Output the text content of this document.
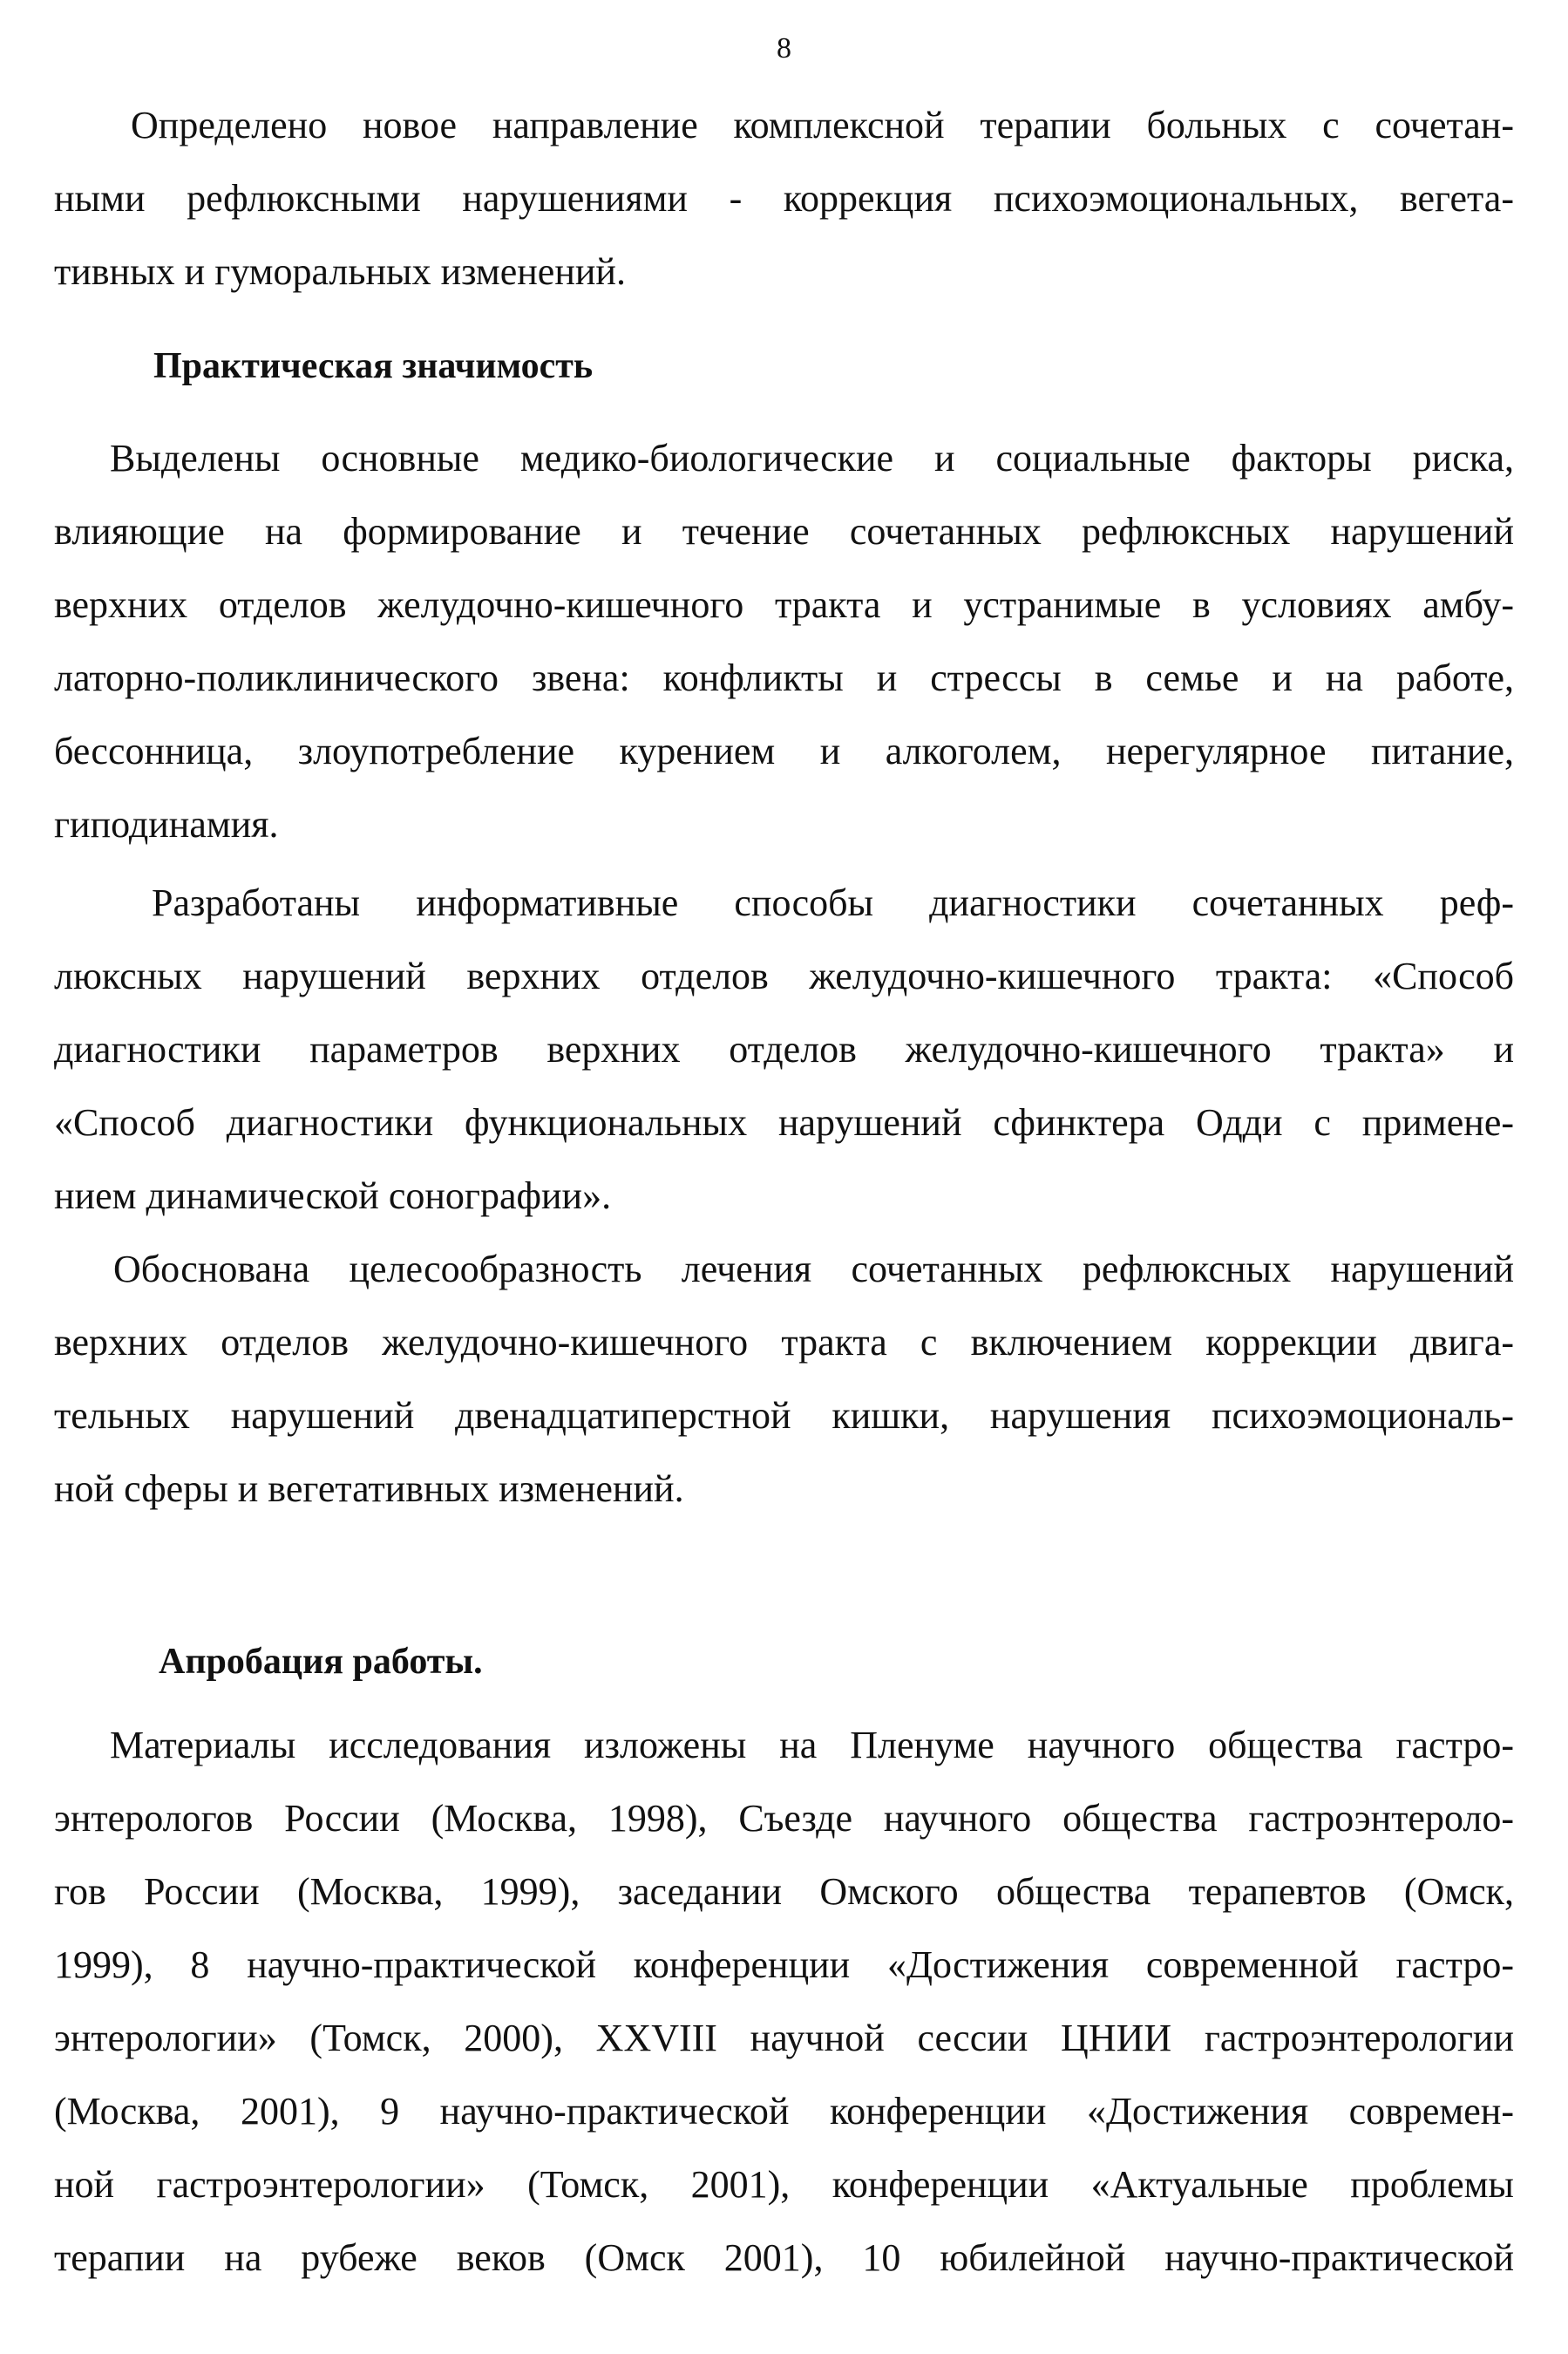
8
Определено новое направление комплексной терапии больных с сочетан-
ными рефлюксными нарушениями - коррекция психоэмоциональных, вегета-
тивных и гуморальных изменений.
Практическая значимость
Выделены основные медико-биологические и социальные факторы риска,
влияющие на формирование и течение сочетанных рефлюксных нарушений
верхних отделов желудочно-кишечного тракта и устранимые в условиях амбу-
латорно-поликлинического звена: конфликты и стрессы в семье и на работе,
бессонница, злоупотребление курением и алкоголем, нерегулярное питание,
гиподинамия.
Разработаны информативные способы диагностики сочетанных реф-
люксных нарушений верхних отделов желудочно-кишечного тракта: «Способ
диагностики параметров верхних отделов желудочно-кишечного тракта» и
«Способ диагностики функциональных нарушений сфинктера Одди с примене-
нием динамической сонографии».
Обоснована целесообразность лечения сочетанных рефлюксных нарушений
верхних отделов желудочно-кишечного тракта с включением коррекции двига-
тельных нарушений двенадцатиперстной кишки, нарушения психоэмоциональ-
ной сферы и вегетативных изменений.
Апробация работы.
Материалы исследования изложены на Пленуме научного общества гастро-
энтерологов России (Москва, 1998), Съезде научного общества гастроэнтероло-
гов России (Москва, 1999), заседании Омского общества терапевтов (Омск,
1999), 8 научно-практической конференции «Достижения современной гастро-
энтерологии» (Томск, 2000), XXVIII научной сессии ЦНИИ гастроэнтерологии
(Москва, 2001), 9 научно-практической конференции «Достижения современ-
ной гастроэнтерологии» (Томск, 2001), конференции «Актуальные проблемы
терапии на рубеже веков (Омск 2001), 10 юбилейной научно-практической
